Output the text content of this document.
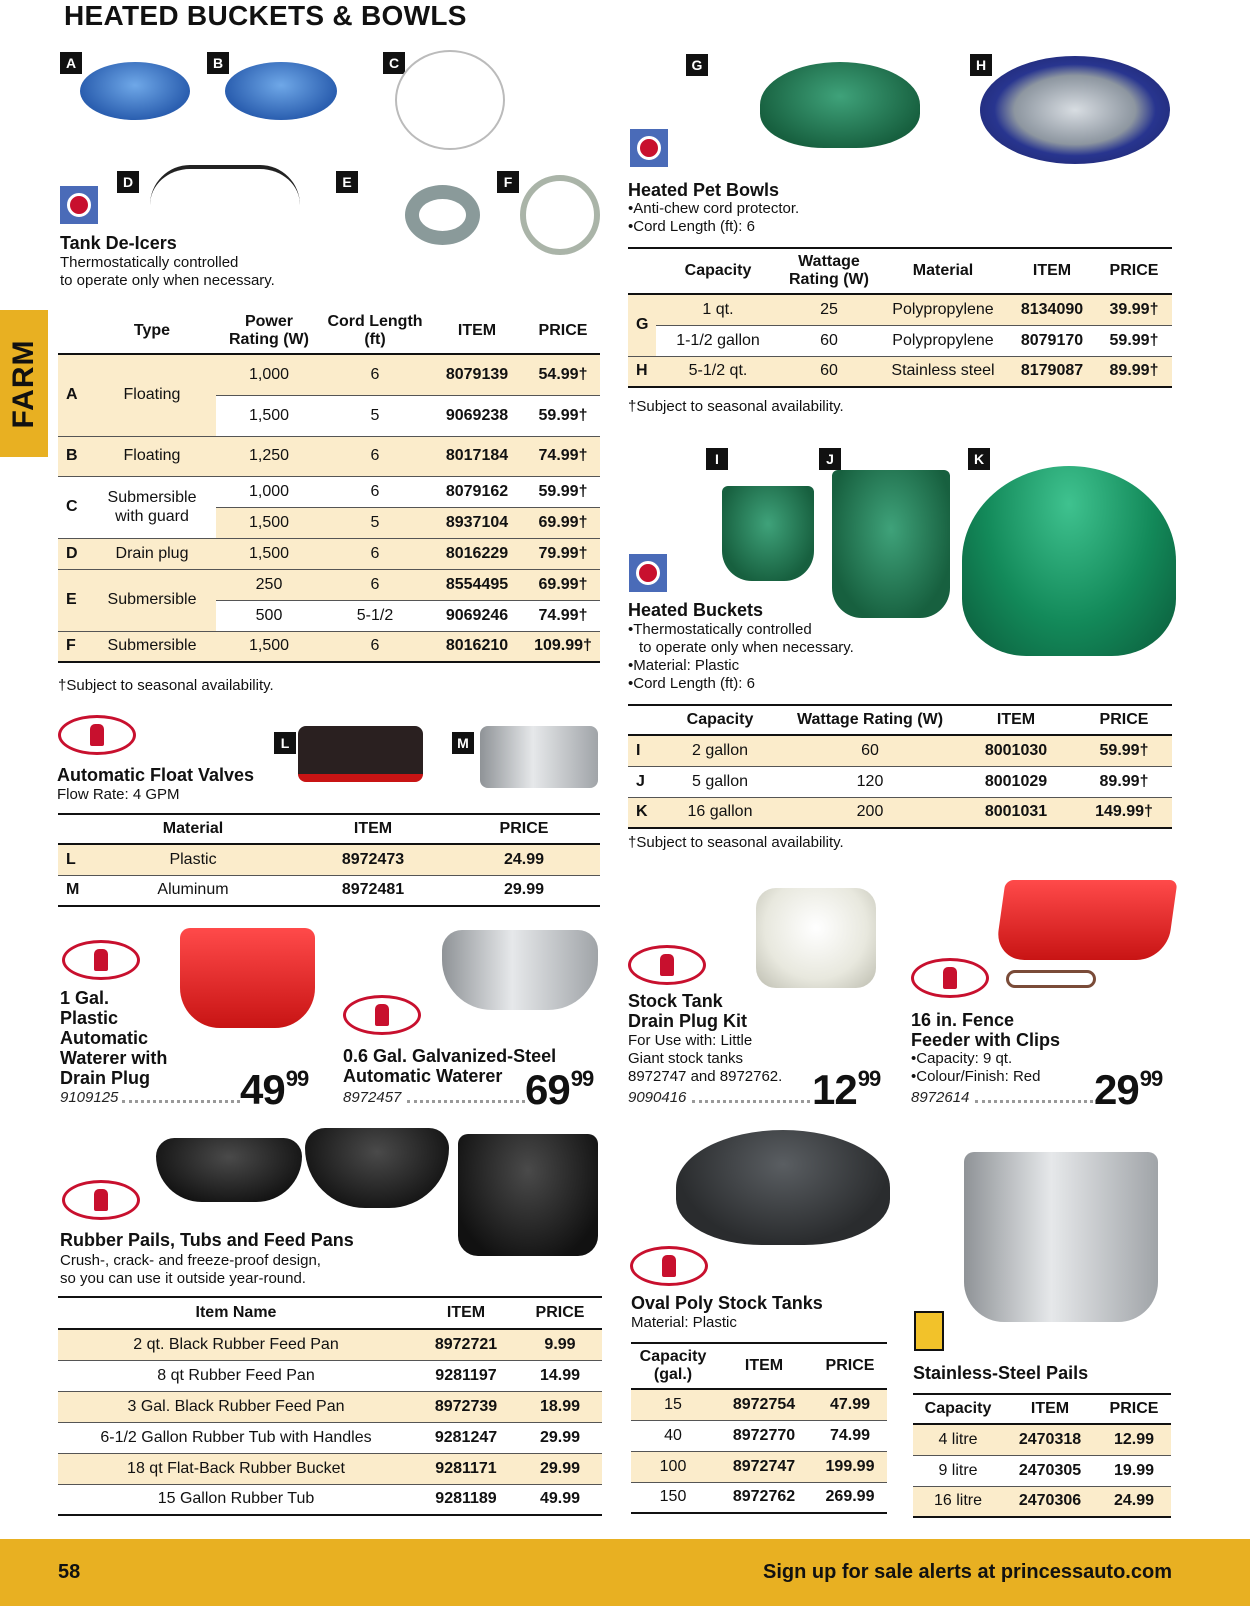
HEATED BUCKETS & BOWLS
FARM
A	B	C
D	E	F
Tank De-Icers
Thermostatically controlled
to operate only when necessary.
	Type	Power Rating (W)	Cord Length (ft)	ITEM	PRICE
A	Floating	1,000	6	8079139	54.99†
		1,500	5	9069238	59.99†
B	Floating	1,250	6	8017184	74.99†
C	Submersible with guard	1,000	6	8079162	59.99†
		1,500	5	8937104	69.99†
D	Drain plug	1,500	6	8016229	79.99†
E	Submersible	250	6	8554495	69.99†
		500	5-1/2	9069246	74.99†
F	Submersible	1,500	6	8016210	109.99†
†Subject to seasonal availability.
L	M
Automatic Float Valves
Flow Rate: 4 GPM
	Material	ITEM	PRICE
L	Plastic	8972473	24.99
M	Aluminum	8972481	29.99
G	H
Heated Pet Bowls
•Anti-chew cord protector.
•Cord Length (ft): 6
	Capacity	Wattage Rating (W)	Material	ITEM	PRICE
G	1 qt.	25	Polypropylene	8134090	39.99†
	1-1/2 gallon	60	Polypropylene	8079170	59.99†
H	5-1/2 qt.	60	Stainless steel	8179087	89.99†
†Subject to seasonal availability.
I	J	K
Heated Buckets
•Thermostatically controlled
to operate only when necessary.
•Material: Plastic
•Cord Length (ft): 6
	Capacity	Wattage Rating (W)	ITEM	PRICE
I	2 gallon	60	8001030	59.99†
J	5 gallon	120	8001029	89.99†
K	16 gallon	200	8001031	149.99†
†Subject to seasonal availability.
1 Gal.
Plastic
Automatic
Waterer with
Drain Plug
9109125	$49^{99}$
0.6 Gal. Galvanized-Steel
Automatic Waterer
8972457	$69^{99}$
Stock Tank
Drain Plug Kit
For Use with: Little
Giant stock tanks
8972747 and 8972762.
9090416	$12^{99}$
16 in. Fence
Feeder with Clips
•Capacity: 9 qt.
•Colour/Finish: Red
8972614	$29^{99}$
Rubber Pails, Tubs and Feed Pans
Crush-, crack- and freeze-proof design,
so you can use it outside year-round.
Item Name	ITEM	PRICE
2 qt. Black Rubber Feed Pan	8972721	9.99
8 qt Rubber Feed Pan	9281197	14.99
3 Gal. Black Rubber Feed Pan	8972739	18.99
6-1/2 Gallon Rubber Tub with Handles	9281247	29.99
18 qt Flat-Back Rubber Bucket	9281171	29.99
15 Gallon Rubber Tub	9281189	49.99
Oval Poly Stock Tanks
Material: Plastic
Capacity (gal.)	ITEM	PRICE
15	8972754	47.99
40	8972770	74.99
100	8972747	199.99
150	8972762	269.99
Stainless-Steel Pails
Capacity	ITEM	PRICE
4 litre	2470318	12.99
9 litre	2470305	19.99
16 litre	2470306	24.99
58	Sign up for sale alerts at princessauto.com
